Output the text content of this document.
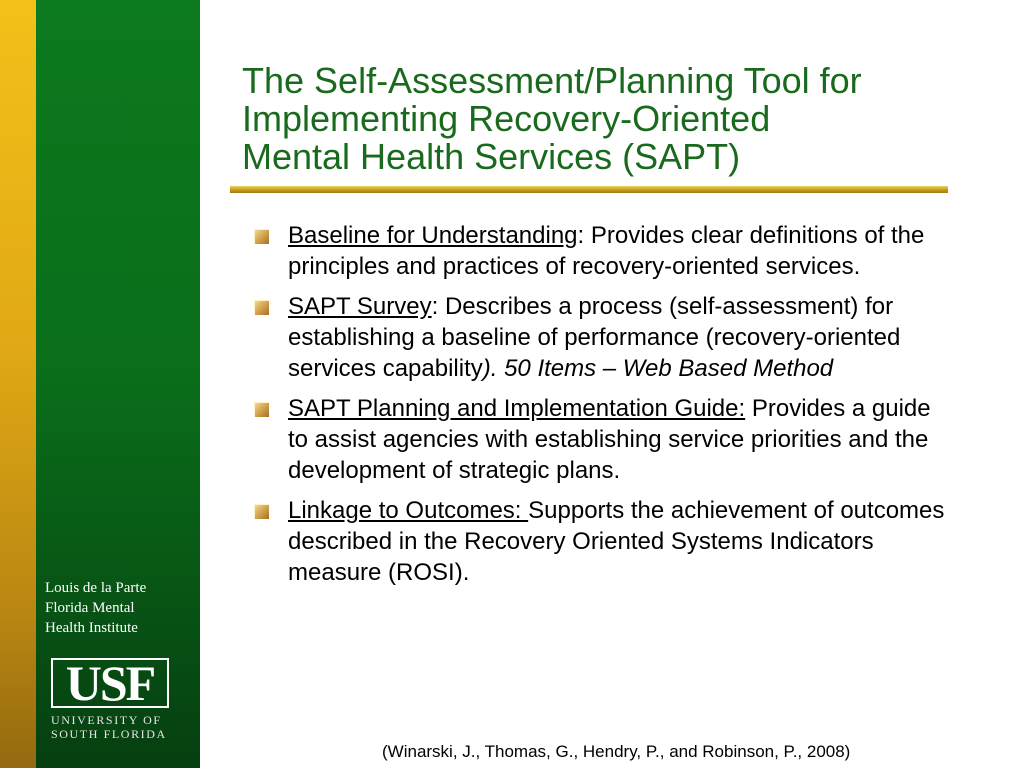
Louis de la Parte
Florida Mental
Health Institute
USF
UNIVERSITY OF
SOUTH FLORIDA
The Self-Assessment/Planning Tool for
Implementing Recovery-Oriented
Mental Health Services (SAPT)
Baseline for Understanding: Provides clear definitions of the principles and practices of recovery-oriented services.
SAPT Survey: Describes a process (self-assessment) for establishing a baseline of performance (recovery-oriented services capability). 50 Items – Web Based Method
SAPT Planning and Implementation Guide: Provides a guide to assist agencies with establishing service priorities and the development of strategic plans.
Linkage to Outcomes: Supports the achievement of outcomes described in the Recovery Oriented Systems Indicators measure (ROSI).
(Winarski, J., Thomas, G., Hendry, P., and Robinson, P., 2008)
